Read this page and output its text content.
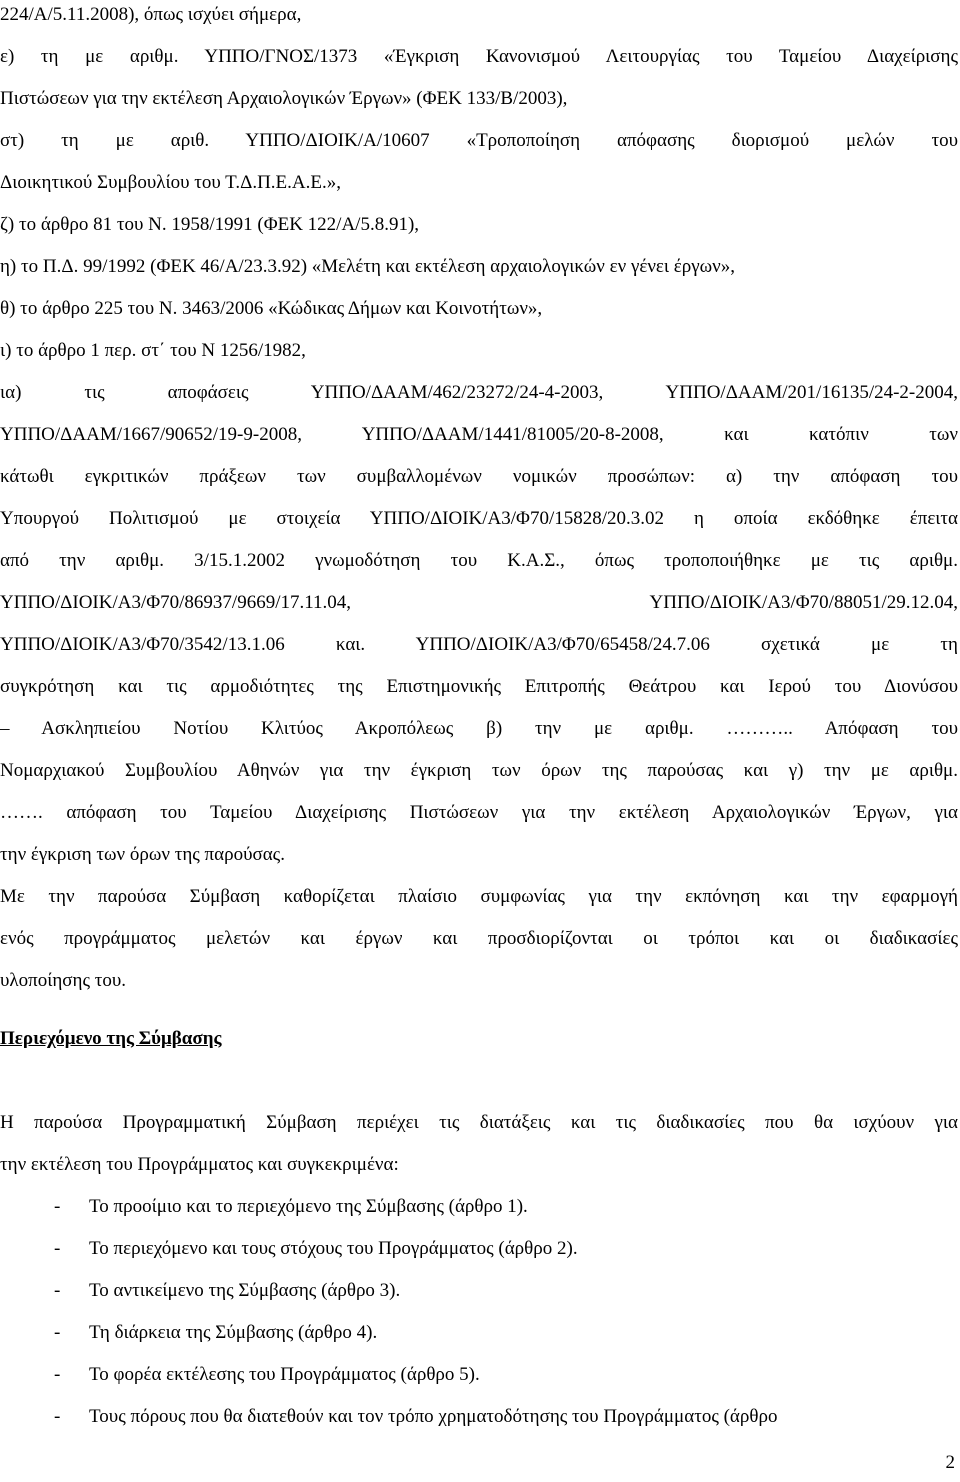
224/Α/5.11.2008), όπως ισχύει σήμερα,
ε) τη με αριθμ. ΥΠΠΟ/ΓΝΟΣ/1373 «Έγκριση Κανονισμού Λειτουργίας του Ταμείου Διαχείρισης
Πιστώσεων για την εκτέλεση Αρχαιολογικών Έργων» (ΦΕΚ 133/Β/2003),
στ) τη με αριθ. ΥΠΠΟ/ΔΙΟΙΚ/Α/10607 «Τροποποίηση απόφασης διορισμού μελών του
Διοικητικού Συμβουλίου του Τ.Δ.Π.Ε.Α.Ε.»,
ζ) το άρθρο 81 του Ν. 1958/1991 (ΦΕΚ 122/Α/5.8.91),
η) το Π.Δ. 99/1992 (ΦΕΚ 46/Α/23.3.92) «Μελέτη και εκτέλεση αρχαιολογικών εν γένει έργων»,
θ) το άρθρο 225 του Ν. 3463/2006 «Κώδικας Δήμων και Κοινοτήτων»,
ι) το άρθρο 1 περ. στ΄ του Ν 1256/1982,
ια) τις αποφάσεις ΥΠΠΟ/ΔΑΑΜ/462/23272/24-4-2003, ΥΠΠΟ/ΔΑΑΜ/201/16135/24-2-2004,
ΥΠΠΟ/ΔΑΑΜ/1667/90652/19-9-2008, ΥΠΠΟ/ΔΑΑΜ/1441/81005/20-8-2008, και κατόπιν των
κάτωθι εγκριτικών πράξεων των συμβαλλομένων νομικών προσώπων: α) την απόφαση του
Υπουργού Πολιτισμού με στοιχεία ΥΠΠΟ/ΔΙΟΙΚ/Α3/Φ70/15828/20.3.02 η οποία εκδόθηκε έπειτα
από την αριθμ. 3/15.1.2002 γνωμοδότηση του Κ.Α.Σ., όπως τροποποιήθηκε με τις αριθμ.
ΥΠΠΟ/ΔΙΟΙΚ/Α3/Φ70/86937/9669/17.11.04, ΥΠΠΟ/ΔΙΟΙΚ/Α3/Φ70/88051/29.12.04,
ΥΠΠΟ/ΔΙΟΙΚ/Α3/Φ70/3542/13.1.06 και. ΥΠΠΟ/ΔΙΟΙΚ/Α3/Φ70/65458/24.7.06 σχετικά με τη
συγκρότηση και τις αρμοδιότητες της Επιστημονικής Επιτροπής Θεάτρου και Ιερού του Διονύσου
– Ασκληπιείου Νοτίου Κλιτύος Ακροπόλεως β) την με αριθμ. ……….. Απόφαση του
Νομαρχιακού Συμβουλίου Αθηνών για την έγκριση των όρων της παρούσας και γ) την με αριθμ.
……. απόφαση του Ταμείου Διαχείρισης Πιστώσεων για την εκτέλεση Αρχαιολογικών Έργων, για
την έγκριση των όρων της παρούσας.
Με την παρούσα Σύμβαση καθορίζεται πλαίσιο συμφωνίας για την εκπόνηση και την εφαρμογή
ενός προγράμματος μελετών και έργων και προσδιορίζονται οι τρόποι και οι διαδικασίες
υλοποίησης του.
Περιεχόμενο της Σύμβασης
Η παρούσα Προγραμματική Σύμβαση περιέχει τις διατάξεις και τις διαδικασίες που θα ισχύουν για
την εκτέλεση του Προγράμματος και συγκεκριμένα:
-	Το προοίμιο και το περιεχόμενο της Σύμβασης (άρθρο 1).
-	Το περιεχόμενο και τους στόχους του Προγράμματος (άρθρο 2).
-	Το αντικείμενο της Σύμβασης (άρθρο 3).
-	Τη διάρκεια της Σύμβασης (άρθρο 4).
-	Το φορέα εκτέλεσης του Προγράμματος (άρθρο 5).
-	Τους πόρους που θα διατεθούν και τον τρόπο χρηματοδότησης του Προγράμματος (άρθρο
2
